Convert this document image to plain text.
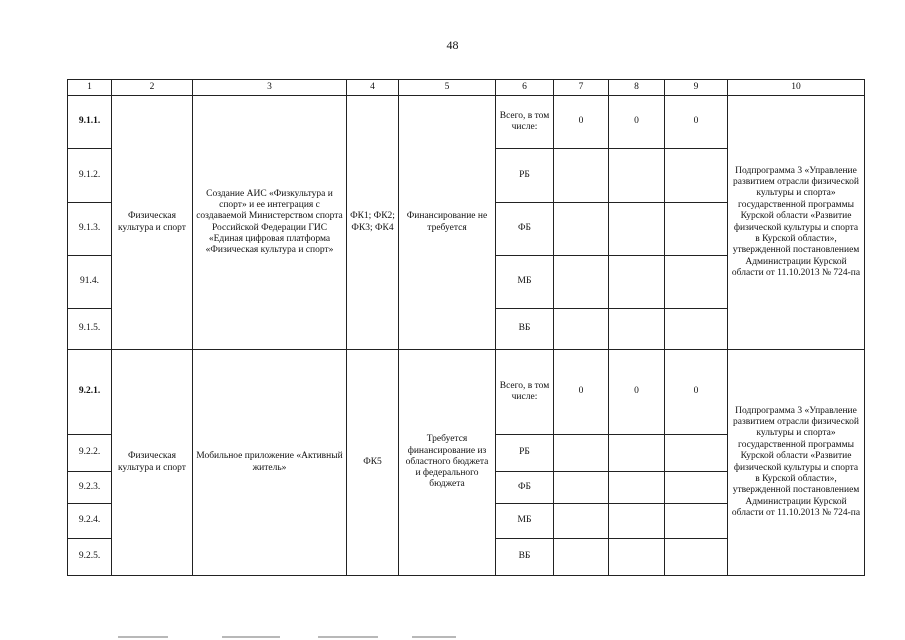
48
1	2	3	4	5	6	7	8	9	10
9.1.1.	Физическая культура и спорт	Создание АИС «Физкультура и спорт» и ее интеграция с создаваемой Министерством спорта Российской Федерации ГИС «Единая цифровая платформа «Физическая культура и спорт»	ФК1; ФК2; ФК3; ФК4	Финансирование не требуется	Всего, в том числе:	0	0	0	Подпрограмма 3 «Управление развитием отрасли физической культуры и спорта» государственной программы Курской области «Развитие физической культуры и спорта в Курской области», утвержденной постановлением Администрации Курской области от 11.10.2013 № 724-па
9.1.2.					РБ				
9.1.3.					ФБ				
91.4.					МБ				
9.1.5.					ВБ				
9.2.1.	Физическая культура и спорт	Мобильное приложение «Активный житель»	ФК5	Требуется финансирование из областного бюджета и федерального бюджета	Всего, в том числе:	0	0	0	Подпрограмма 3 «Управление развитием отрасли физической культуры и спорта» государственной программы Курской области «Развитие физической культуры и спорта в Курской области», утвержденной постановлением Администрации Курской области от 11.10.2013 № 724-па
9.2.2.					РБ				
9.2.3.					ФБ				
9.2.4.					МБ				
9.2.5.					ВБ				
